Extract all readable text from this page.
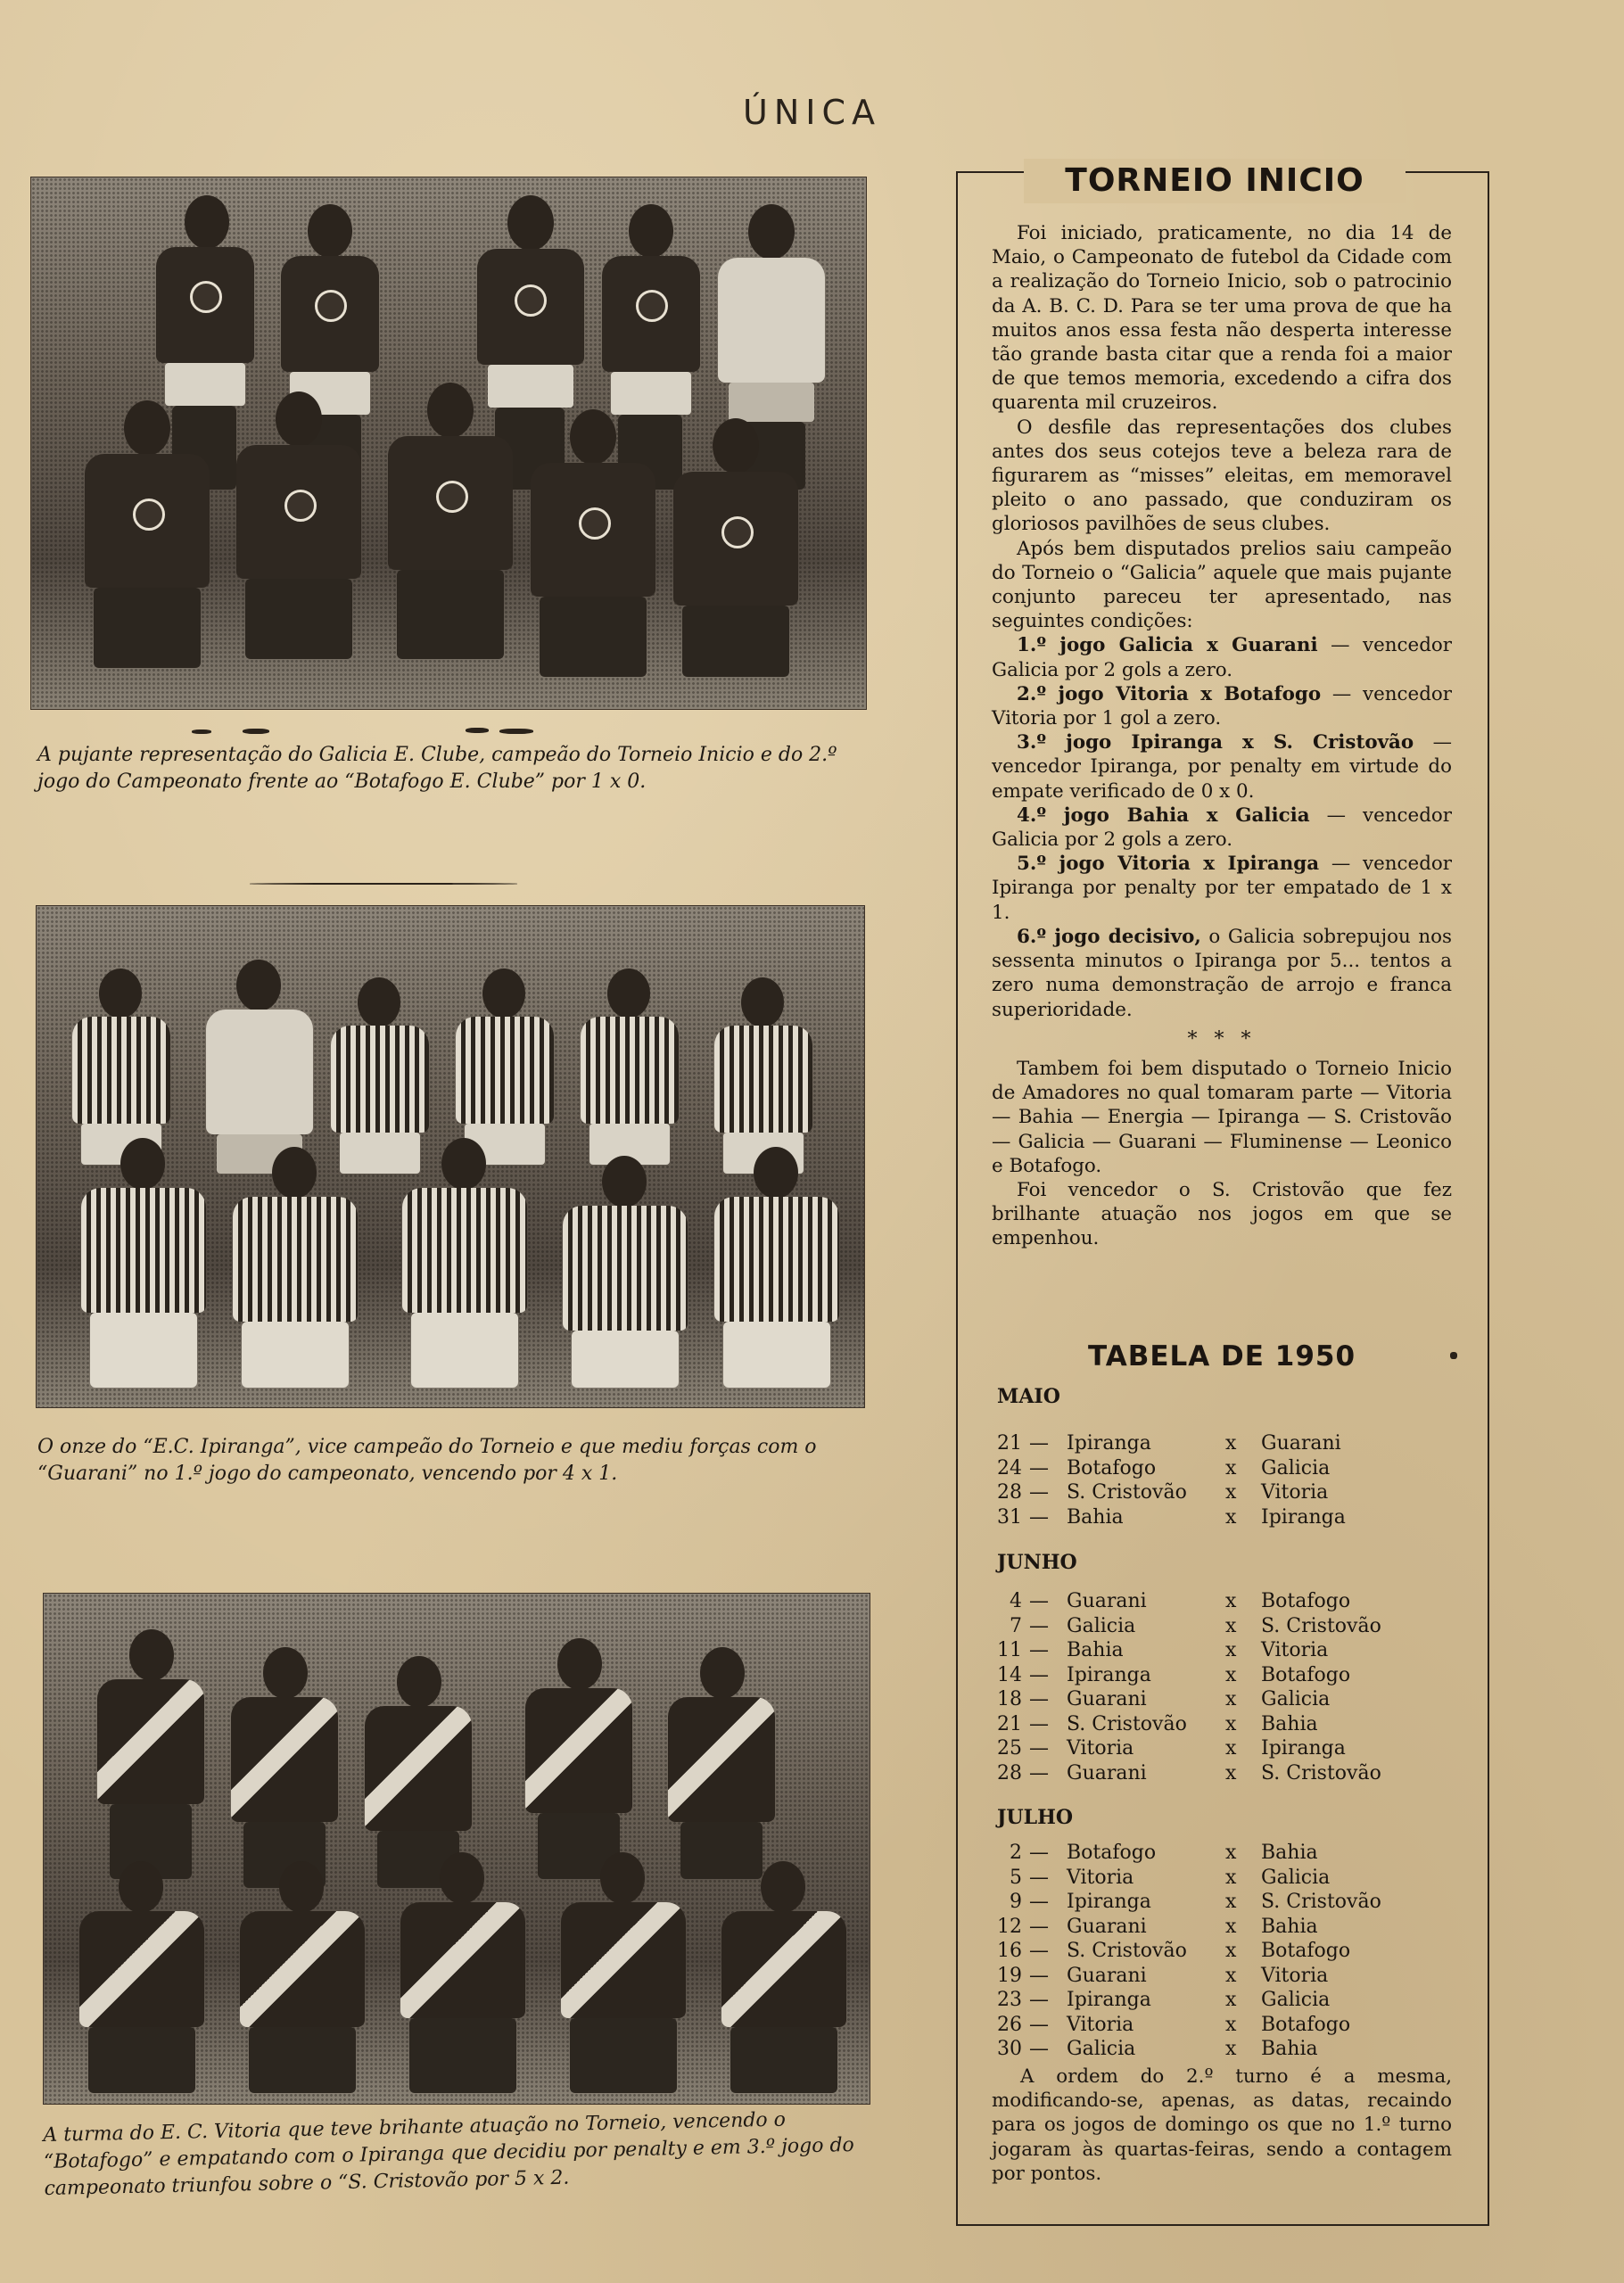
ÚNICA
A pujante representação do Galicia E. Clube, campeão do Torneio Inicio e do 2.º jogo do Campeonato frente ao “Botafogo E. Clube” por 1 x 0.
O onze do “E.C. Ipiranga”, vice campeão do Torneio e que mediu forças com o “Guarani” no 1.º jogo do campeonato, vencendo por 4 x 1.
A turma do E. C. Vitoria que teve brihante atuação no Torneio, vencendo o “Botafogo” e empatando com o Ipiranga que decidiu por penalty e em 3.º jogo do campeonato triunfou sobre o “S. Cristovão por 5 x 2.
TORNEIO INICIO

Foi iniciado, praticamente, no dia 14 de Maio, o Campeonato de futebol da Cidade com a realização do Torneio Inicio, sob o patrocinio da A. B. C. D. Para se ter uma prova de que ha muitos anos essa festa não desperta interesse tão grande basta citar que a renda foi a maior de que temos memoria, excedendo a cifra dos quarenta mil cruzeiros.

O desfile das representações dos clubes antes dos seus cotejos teve a beleza rara de figurarem as “misses” eleitas, em memoravel pleito o ano passado, que conduziram os gloriosos pavilhões de seus clubes.

Após bem disputados prelios saiu campeão do Torneio o “Galicia” aquele que mais pujante conjunto pareceu ter apresentado, nas seguintes condições:

1.º jogo Galicia x Guarani — vencedor Galicia por 2 gols a zero.

2.º jogo Vitoria x Botafogo — vencedor Vitoria por 1 gol a zero.

3.º jogo Ipiranga x S. Cristovão — vencedor Ipiranga, por penalty em virtude do empate verificado de 0 x 0.

4.º jogo Bahia x Galicia — vencedor Galicia por 2 gols a zero.

5.º jogo Vitoria x Ipiranga — vencedor Ipiranga por penalty por ter empatado de 1 x 1.

6.º jogo decisivo, o Galicia sobrepujou nos sessenta minutos o Ipiranga por 5... tentos a zero numa demonstração de arrojo e franca superioridade.

* * *

Tambem foi bem disputado o Torneio Inicio de Amadores no qual tomaram parte — Vitoria — Bahia — Energia — Ipiranga — S. Cristovão — Galicia — Guarani — Fluminense — Leonico e Botafogo.

Foi vencedor o S. Cristovão que fez brilhante atuação nos jogos em que se empenhou.

TABELA DE 1950
MAIO
21 — Ipiranga	x Guarani
24 — Botafogo	x Galicia
28 — S. Cristovão x Vitoria
31 — Bahia	x Ipiranga
JUNHO
4 — Guarani	x Botafogo
7 — Galicia	x S. Cristovão
11 — Bahia	x Vitoria
14 — Ipiranga	x Botafogo
18 — Guarani	x Galicia
21 — S. Cristovão x Bahia
25 — Vitoria	x Ipiranga
28 — Guarani	x S. Cristovão
JULHO
2 — Botafogo	x Bahia
5 — Vitoria	x Galicia
9 — Ipiranga	x S. Cristovão
12 — Guarani	x Bahia
16 — S. Cristovão x Botafogo
19 — Guarani	x Vitoria
23 — Ipiranga	x Galicia
26 — Vitoria	x Botafogo
30 — Galicia	x Bahia
A ordem do 2.º turno é a mesma, modificando-se, apenas, as datas, recaindo para os jogos de domingo os que no 1.º turno jogaram às quartas-feiras, sendo a contagem por pontos.
